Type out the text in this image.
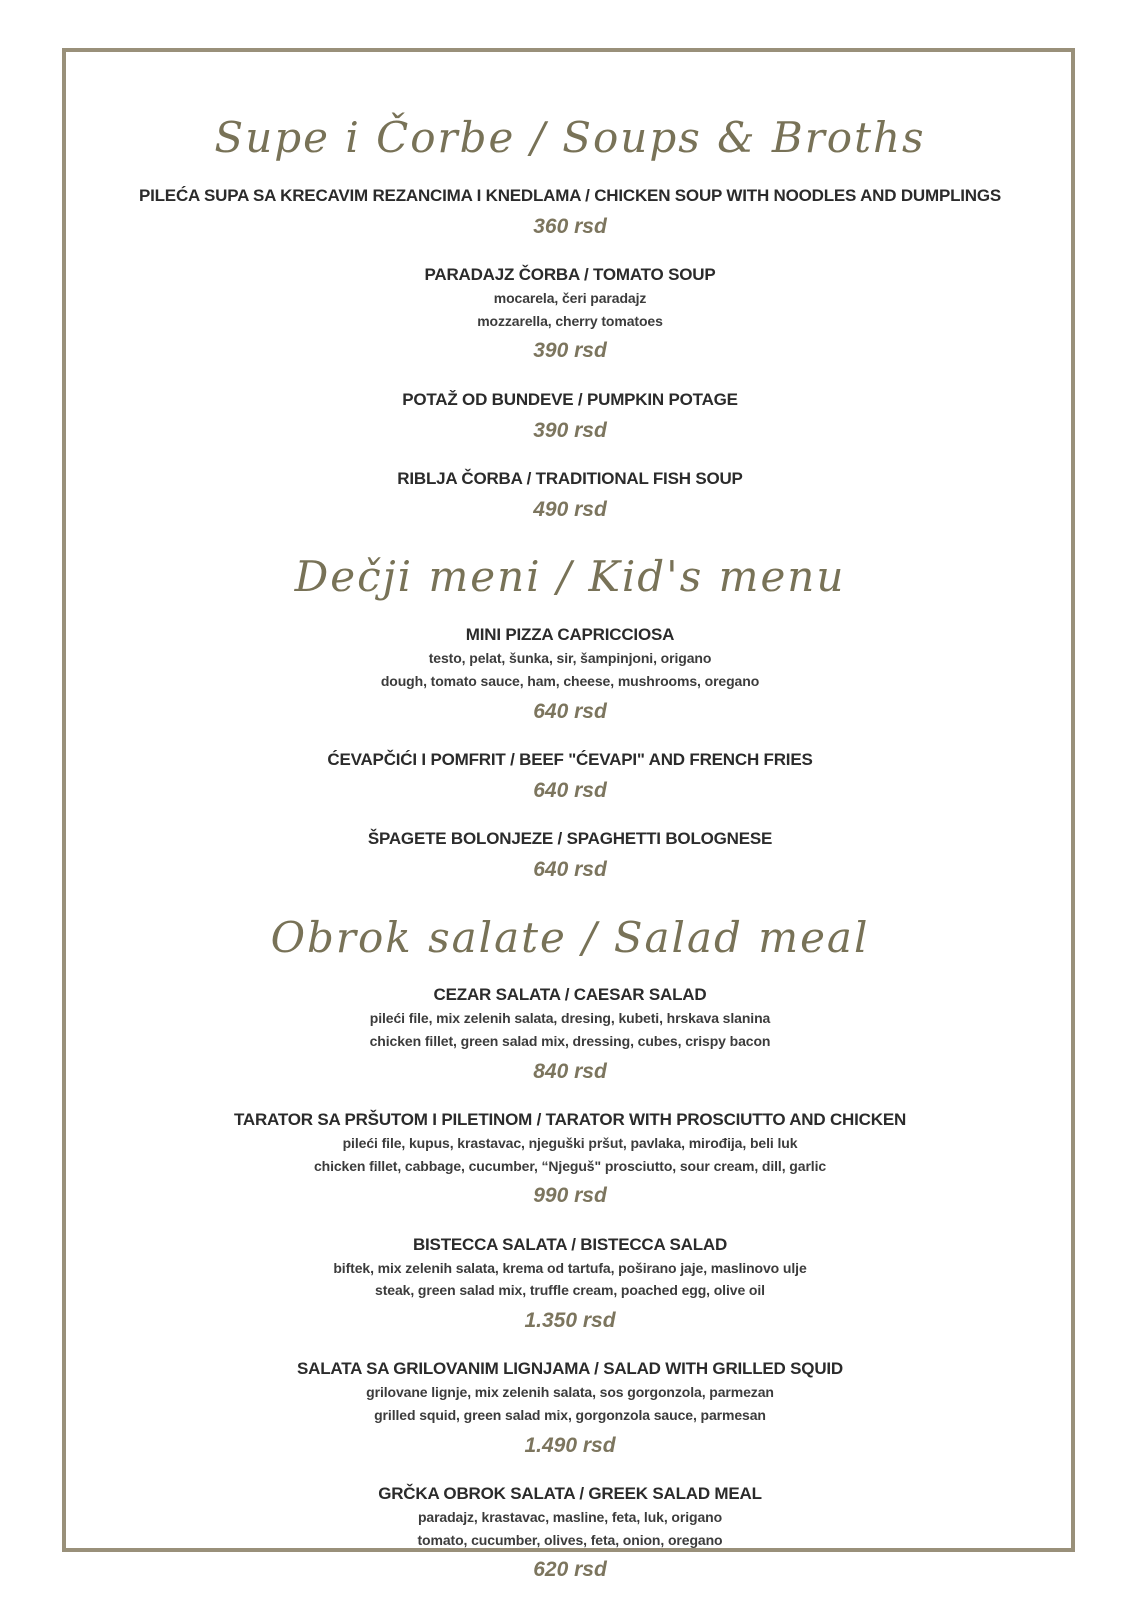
Supe i Čorbe / Soups & Broths
PILEĆA SUPA SA KRECAVIM REZANCIMA I KNEDLAMA / CHICKEN SOUP WITH NOODLES AND DUMPLINGS
360 rsd
PARADAJZ ČORBA / TOMATO SOUP
mocarela, čeri paradajz
mozzarella, cherry tomatoes
390 rsd
POTAŽ OD BUNDEVE / PUMPKIN POTAGE
390 rsd
RIBLJA ČORBA / TRADITIONAL FISH SOUP
490 rsd
Dečji meni / Kid's menu
MINI PIZZA CAPRICCIOSA
testo, pelat, šunka, sir, šampinjoni, origano
dough, tomato sauce, ham, cheese, mushrooms, oregano
640 rsd
ĆEVAPČIĆI I POMFRIT / BEEF "ĆEVAPI" AND FRENCH FRIES
640 rsd
ŠPAGETE BOLONJEZE / SPAGHETTI BOLOGNESE
640 rsd
Obrok salate / Salad meal
CEZAR SALATA / CAESAR SALAD
pileći file, mix zelenih salata, dresing, kubeti, hrskava slanina
chicken fillet, green salad mix, dressing, cubes, crispy bacon
840 rsd
TARATOR SA PRŠUTOM I PILETINOM / TARATOR WITH PROSCIUTTO AND CHICKEN
pileći file, kupus, krastavac, njeguški pršut, pavlaka, mirođija, beli luk
chicken fillet, cabbage, cucumber, “Njeguš" prosciutto, sour cream, dill, garlic
990 rsd
BISTECCA SALATA / BISTECCA SALAD
biftek, mix zelenih salata, krema od tartufa, poširano jaje, maslinovo ulje
steak, green salad mix, truffle cream, poached egg, olive oil
1.350 rsd
SALATA SA GRILOVANIM LIGNJAMA / SALAD WITH GRILLED SQUID
grilovane lignje, mix zelenih salata, sos gorgonzola, parmezan
grilled squid, green salad mix, gorgonzola sauce, parmesan
1.490 rsd
GRČKA OBROK SALATA / GREEK SALAD MEAL
paradajz, krastavac, masline, feta, luk, origano
tomato, cucumber, olives, feta, onion, oregano
620 rsd
